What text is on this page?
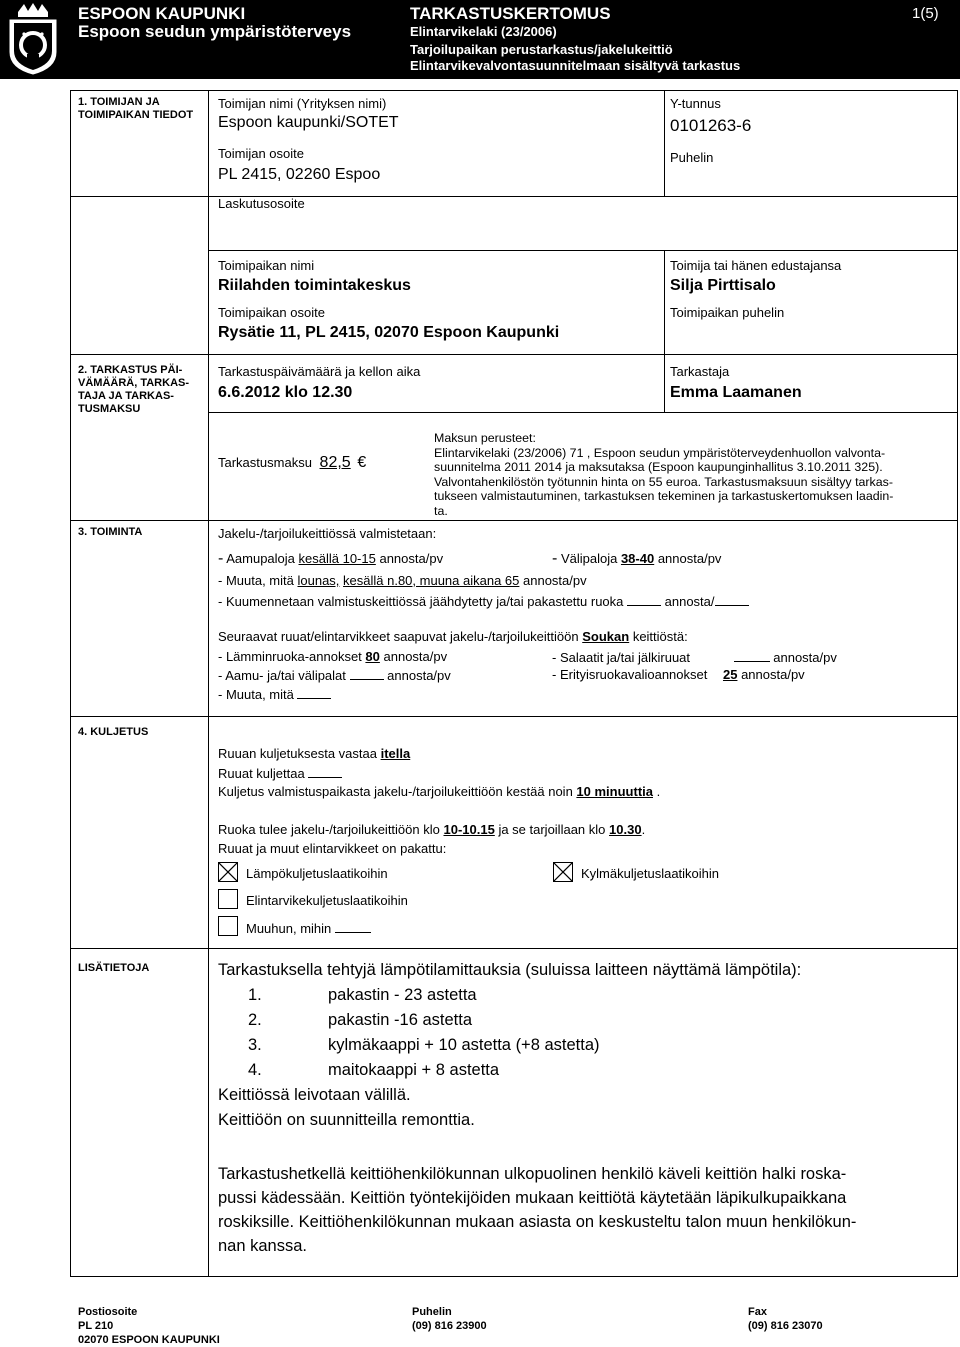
ESPOON KAUPUNKI
Espoon seudun ympäristöterveys
TARKASTUSKERTOMUS	1(5)
Elintarvikelaki (23/2006)
Tarjoilupaikan perustarkastus/jakelukeittiö
Elintarvikevalvontasuunnitelmaan sisältyvä tarkastus
1. TOIMIJAN JA
TOIMIPAIKAN TIEDOT
Toimijan nimi (Yrityksen nimi)
Espoon kaupunki/SOTET
Y-tunnus
0101263-6
Toimijan osoite
PL 2415, 02260 Espoo
Puhelin
Laskutusosoite
Toimipaikan nimi
Riilahden toimintakeskus
Toimija tai hänen edustajansa
Silja Pirttisalo
Toimipaikan osoite
Rysätie 11, PL 2415, 02070 Espoon Kaupunki
Toimipaikan puhelin
2. TARKASTUS PÄI-
VÄMÄÄRÄ, TARKAS-
TAJA JA TARKAS-
TUSMAKSU
Tarkastuspäivämäärä ja kellon aika
6.6.2012 klo 12.30
Tarkastaja
Emma Laamanen
Tarkastusmaksu 82,5 €
Maksun perusteet:
Elintarvikelaki (23/2006) 71 , Espoon seudun ympäristöterveydenhuollon valvonta-
suunnitelma 2011 2014 ja maksutaksa (Espoon kaupunginhallitus 3.10.2011 325).
Valvontahenkilöstön työtunnin hinta on 55 euroa. Tarkastusmaksuun sisältyy tarkas-
tukseen valmistautuminen, tarkastuksen tekeminen ja tarkastuskertomuksen laadin-
ta.
3. TOIMINTA	Jakelu-/tarjoilukeittiössä valmistetaan:
- Aamupaloja kesällä 10-15 annosta/pv	- Välipaloja 38-40 annosta/pv
- Muuta, mitä lounas, kesällä n.80, muuna aikana 65 annosta/pv
- Kuumennetaan valmistuskeittiössä jäähdytetty ja/tai pakastettu ruoka	annosta/
Seuraavat ruuat/elintarvikkeet saapuvat jakelu-/tarjoilukeittiöön Soukan keittiöstä:
- Lämminruoka-annokset 80 annosta/pv	- Salaatit ja/tai jälkiruuat	annosta/pv
- Aamu- ja/tai välipalat	annosta/pv	- Erityisruokavalioannokset 25 annosta/pv
- Muuta, mitä
4. KULJETUS
Ruuan kuljetuksesta vastaa itella
Ruuat kuljettaa
Kuljetus valmistuspaikasta jakelu-/tarjoilukeittiöön kestää noin 10 minuuttia .
Ruoka tulee jakelu-/tarjoilukeittiöön klo 10-10.15 ja se tarjoillaan klo 10.30.
Ruuat ja muut elintarvikkeet on pakattu:
Lämpökuljetuslaatikoihin	Kylmäkuljetuslaatikoihin
Elintarvikekuljetuslaatikoihin
Muuhun, mihin
LISÄTIETOJA	Tarkastuksella tehtyjä lämpötilamittauksia (suluissa laitteen näyttämä lämpötila):
1.	pakastin - 23 astetta
2.	pakastin -16 astetta
3.	kylmäkaappi + 10 astetta (+8 astetta)
4.	maitokaappi + 8 astetta
Keittiössä leivotaan välillä.
Keittiöön on suunnitteilla remonttia.
Tarkastushetkellä keittiöhenkilökunnan ulkopuolinen henkilö käveli keittiön halki roska-
pussi kädessään. Keittiön työntekijöiden mukaan keittiötä käytetään läpikulkupaikkana
roskiksille. Keittiöhenkilökunnan mukaan asiasta on keskusteltu talon muun henkilökun-
nan kanssa.
Postiosoite
PL 210
02070 ESPOON KAUPUNKI
Puhelin
(09) 816 23900
Fax
(09) 816 23070
